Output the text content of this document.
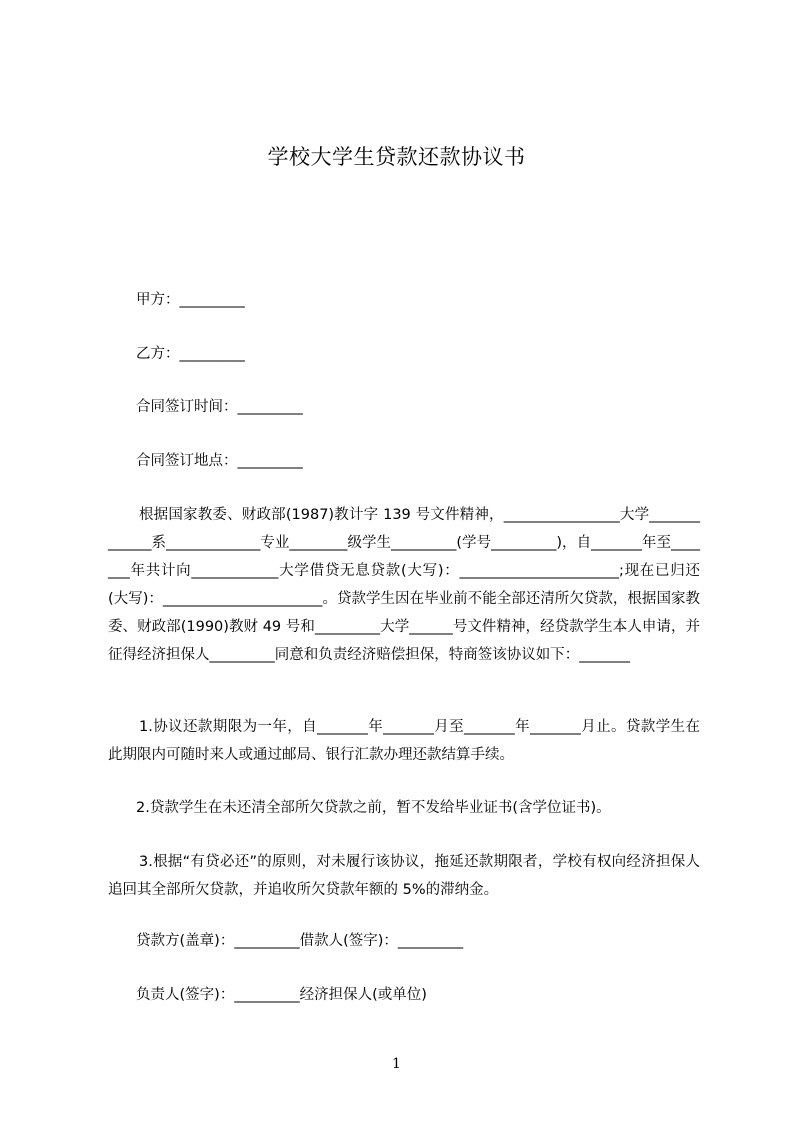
学校大学生贷款还款协议书

甲方：_________

乙方：_________

合同签订时间：_________

合同签订地点：_________

根据国家教委、财政部(1987)教计字 139 号文件精神，________________大学_____________系_____________专业________级学生_________(学号_________)，自_______年至_______年共计向____________大学借贷无息贷款(大写)：______________________;现在已归还(大写)：______________________。贷款学生因在毕业前不能全部还清所欠贷款，根据国家教委、财政部(1990)教财 49 号和_________大学______号文件精神，经贷款学生本人申请，并征得经济担保人_________同意和负责经济赔偿担保，特商签该协议如下：_______

1.协议还款期限为一年，自_______年_______月至_______年_______月止。贷款学生在此期限内可随时来人或通过邮局、银行汇款办理还款结算手续。

2.贷款学生在未还清全部所欠贷款之前，暂不发给毕业证书(含学位证书)。

3.根据“有贷必还”的原则，对未履行该协议，拖延还款期限者，学校有权向经济担保人追回其全部所欠贷款，并追收所欠贷款年额的 5%的滞纳金。

贷款方(盖章)：_________借款人(签字)：_________

负责人(签字)：_________经济担保人(或单位)

1
